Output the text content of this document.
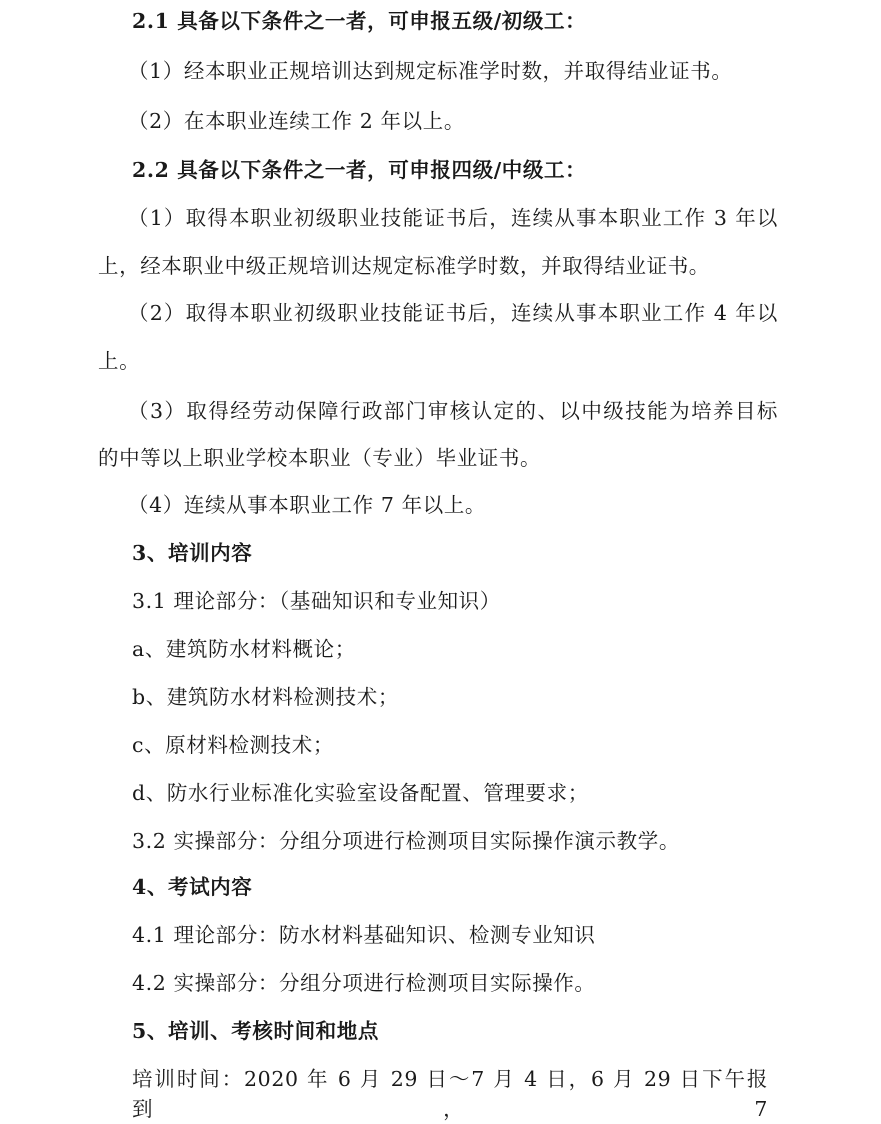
2.1 具备以下条件之一者，可申报五级/初级工：
（1）经本职业正规培训达到规定标准学时数，并取得结业证书。
（2）在本职业连续工作 2 年以上。
2.2 具备以下条件之一者，可申报四级/中级工：
（1）取得本职业初级职业技能证书后，连续从事本职业工作 3 年以
上，经本职业中级正规培训达规定标准学时数，并取得结业证书。
（2）取得本职业初级职业技能证书后，连续从事本职业工作 4 年以
上。
（3）取得经劳动保障行政部门审核认定的、以中级技能为培养目标
的中等以上职业学校本职业（专业）毕业证书。
（4）连续从事本职业工作 7 年以上。
3、培训内容
3.1 理论部分：（基础知识和专业知识）
a、建筑防水材料概论；
b、建筑防水材料检测技术；
c、原材料检测技术；
d、防水行业标准化实验室设备配置、管理要求；
3.2 实操部分：分组分项进行检测项目实际操作演示教学。
4、考试内容
4.1 理论部分：防水材料基础知识、检测专业知识
4.2 实操部分：分组分项进行检测项目实际操作。
5、培训、考核时间和地点
培训时间：2020 年 6 月 29 日～7 月 4 日，6 月 29 日下午报到，7
